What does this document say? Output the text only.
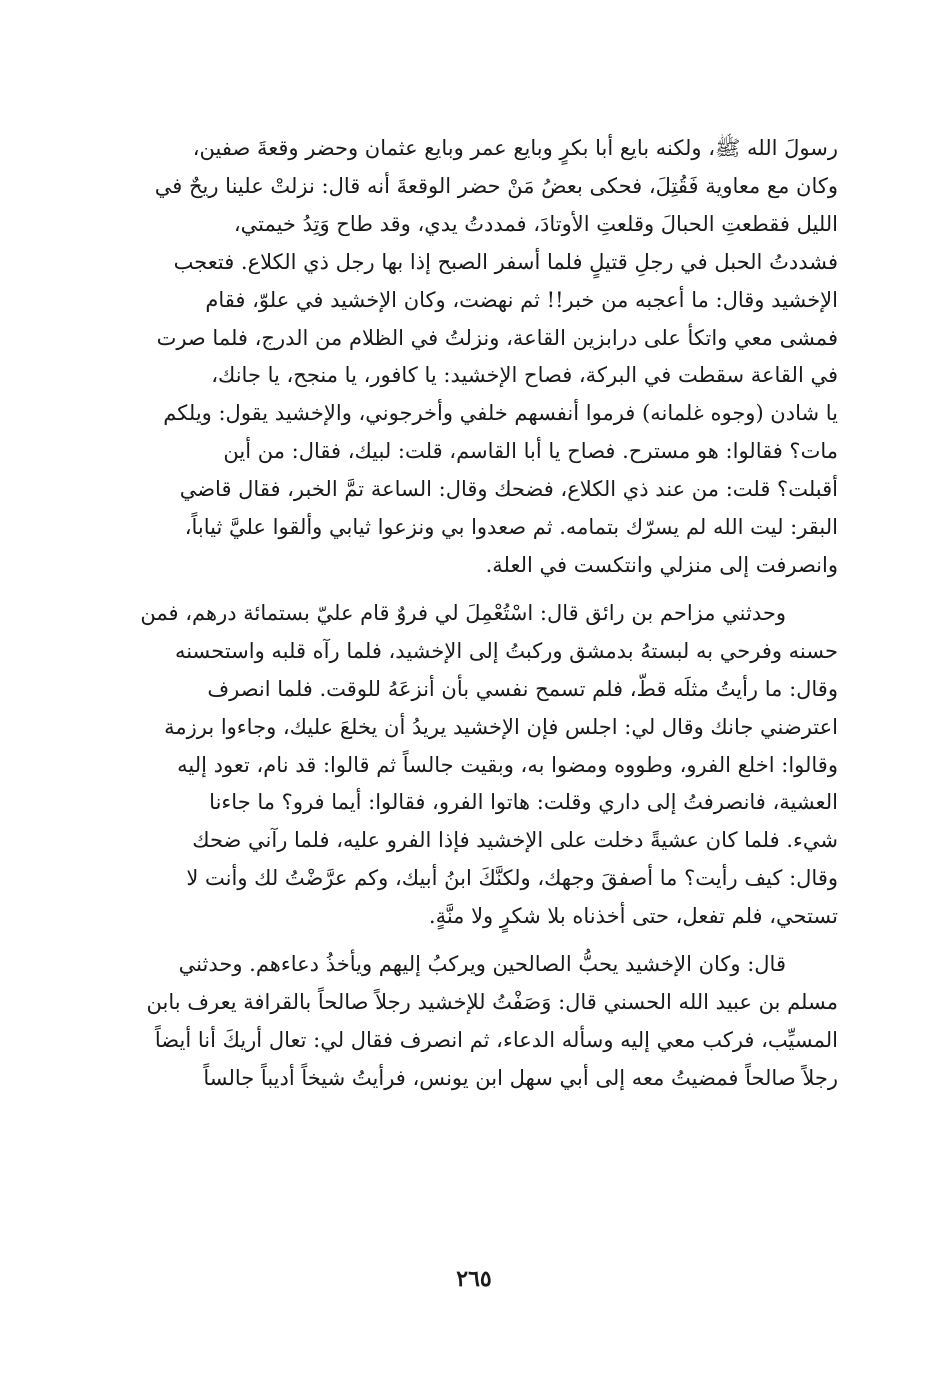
رسولَ الله ﷺ، ولكنه بايع أبا بكرٍ وبايع عمر وبايع عثمان وحضر وقعةَ صفين،

وكان مع معاوية فَقُتِلَ، فحكى بعضُ مَنْ حضر الوقعةَ أنه قال: نزلتْ علينا ريحٌ في

الليل فقطعتِ الحبالَ وقلعتِ الأوتادَ، فمددتُ يدي، وقد طاح وَتِدُ خيمتي،

فشددتُ الحبل في رجلِ قتيلٍ فلما أسفر الصبح إذا بها رجل ذي الكلاع. فتعجب

الإخشيد وقال: ما أعجبه من خبر!! ثم نهضت، وكان الإخشيد في علوّ، فقام

فمشى معي واتكأ على درابزين القاعة، ونزلتُ في الظلام من الدرج، فلما صرت

في القاعة سقطت في البركة، فصاح الإخشيد: يا كافور، يا منجح، يا جانك،

يا شادن (وجوه غلمانه) فرموا أنفسهم خلفي وأخرجوني، والإخشيد يقول: ويلكم

مات؟ فقالوا: هو مسترح. فصاح يا أبا القاسم، قلت: لبيك، فقال: من أين

أقبلت؟ قلت: من عند ذي الكلاع، فضحك وقال: الساعة تمَّ الخبر، فقال قاضي

البقر: ليت الله لم يسرّك بتمامه. ثم صعدوا بي ونزعوا ثيابي وألقوا عليَّ ثياباً،

وانصرفت إلى منزلي وانتكست في العلة.

وحدثني مزاحم بن رائق قال: اسْتُعْمِلَ لي فروٌ قام عليّ بستمائة درهم، فمن

حسنه وفرحي به لبستهُ بدمشق وركبتُ إلى الإخشيد، فلما رآه قلبه واستحسنه

وقال: ما رأيتُ مثلَه قطّ، فلم تسمح نفسي بأن أنزعَهُ للوقت. فلما انصرف

اعترضني جانك وقال لي: اجلس فإن الإخشيد يريدُ أن يخلعَ عليك، وجاءوا برزمة

وقالوا: اخلع الفرو، وطووه ومضوا به، وبقيت جالساً ثم قالوا: قد نام، تعود إليه

العشية، فانصرفتُ إلى داري وقلت: هاتوا الفرو، فقالوا: أيما فرو؟ ما جاءنا

شيء. فلما كان عشيةً دخلت على الإخشيد فإذا الفرو عليه، فلما رآني ضحك

وقال: كيف رأيت؟ ما أصفقَ وجهك، ولكنَّكَ ابنُ أبيك، وكم عرَّضْتُ لك وأنت لا

تستحي، فلم تفعل، حتى أخذناه بلا شكرٍ ولا منَّةٍ.

قال: وكان الإخشيد يحبُّ الصالحين ويركبُ إليهم ويأخذُ دعاءهم. وحدثني

مسلم بن عبيد الله الحسني قال: وَصَفْتُ للإخشيد رجلاً صالحاً بالقرافة يعرف بابن

المسيِّب، فركب معي إليه وسأله الدعاء، ثم انصرف فقال لي: تعال أريكَ أنا أيضاً

رجلاً صالحاً فمضيتُ معه إلى أبي سهل ابن يونس، فرأيتُ شيخاً أديباً جالساً

٢٦٥
